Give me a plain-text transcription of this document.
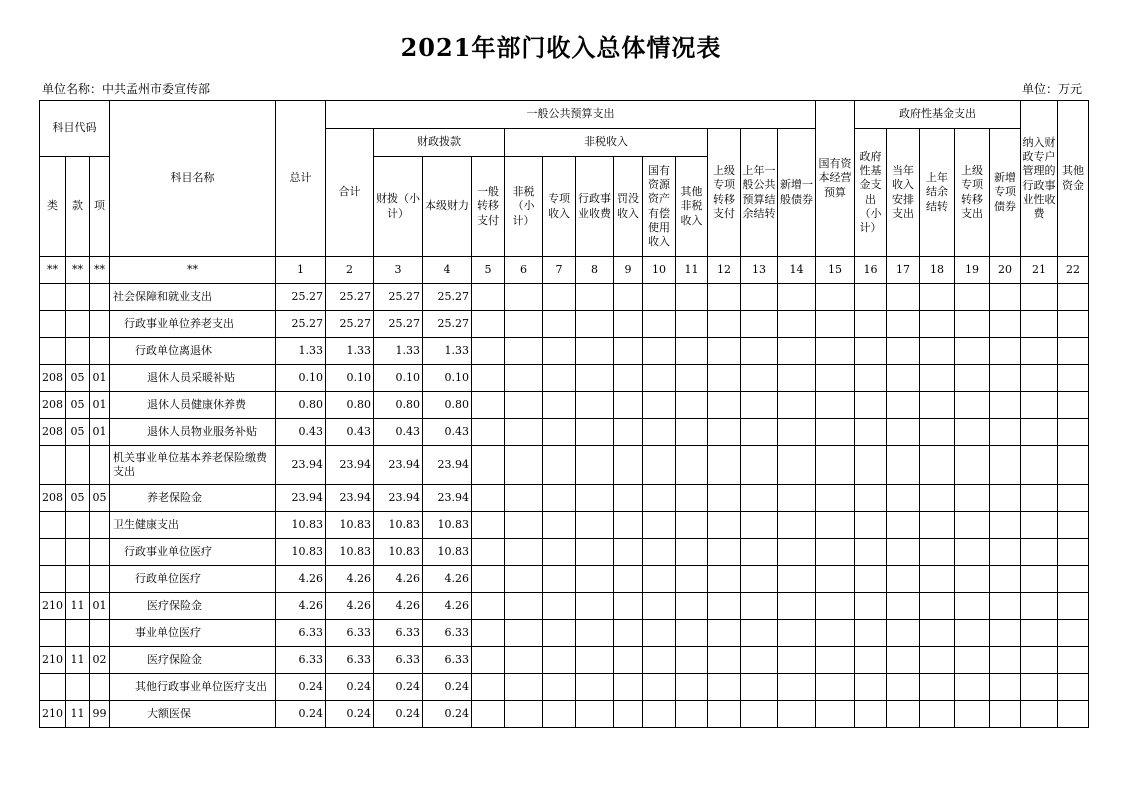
2021年部门收入总体情况表
单位名称：中共孟州市委宣传部	单位：万元
科目代码			科目名称	总计	一般公共预算支出													国有资本经营预算	政府性基金支出					纳入财政专户管理的行政事业性收费	其他资金
					合计	财政拨款			非税收入						上级专项转移支付	上年一般公共预算结余结转	新增一般债券		政府性基金支出（小计）	当年收入安排支出	上年结余结转	上级专项转移支出	新增专项债券		
类	款	项				财拨（小计）	本级财力	一般转移支付	非税（小计）	专项收入	行政事业收费	罚没收入	国有资源资产有偿使用收入	其他非税收入											
**	**	**	**	1	2	3	4	5	6	7	8	9	10	11	12	13	14	15	16	17	18	19	20	21	22
			社会保障和就业支出	25.27	25.27	25.27	25.27																		
			行政事业单位养老支出	25.27	25.27	25.27	25.27																		
			行政单位离退休	1.33	1.33	1.33	1.33																		
208	05	01	退休人员采暖补贴	0.10	0.10	0.10	0.10																		
208	05	01	退休人员健康休养费	0.80	0.80	0.80	0.80																		
208	05	01	退休人员物业服务补贴	0.43	0.43	0.43	0.43																		
			机关事业单位基本养老保险缴费支出	23.94	23.94	23.94	23.94																		
208	05	05	养老保险金	23.94	23.94	23.94	23.94																		
			卫生健康支出	10.83	10.83	10.83	10.83																		
			行政事业单位医疗	10.83	10.83	10.83	10.83																		
			行政单位医疗	4.26	4.26	4.26	4.26																		
210	11	01	医疗保险金	4.26	4.26	4.26	4.26																		
			事业单位医疗	6.33	6.33	6.33	6.33																		
210	11	02	医疗保险金	6.33	6.33	6.33	6.33																		
			其他行政事业单位医疗支出	0.24	0.24	0.24	0.24																		
210	11	99	大额医保	0.24	0.24	0.24	0.24																		
